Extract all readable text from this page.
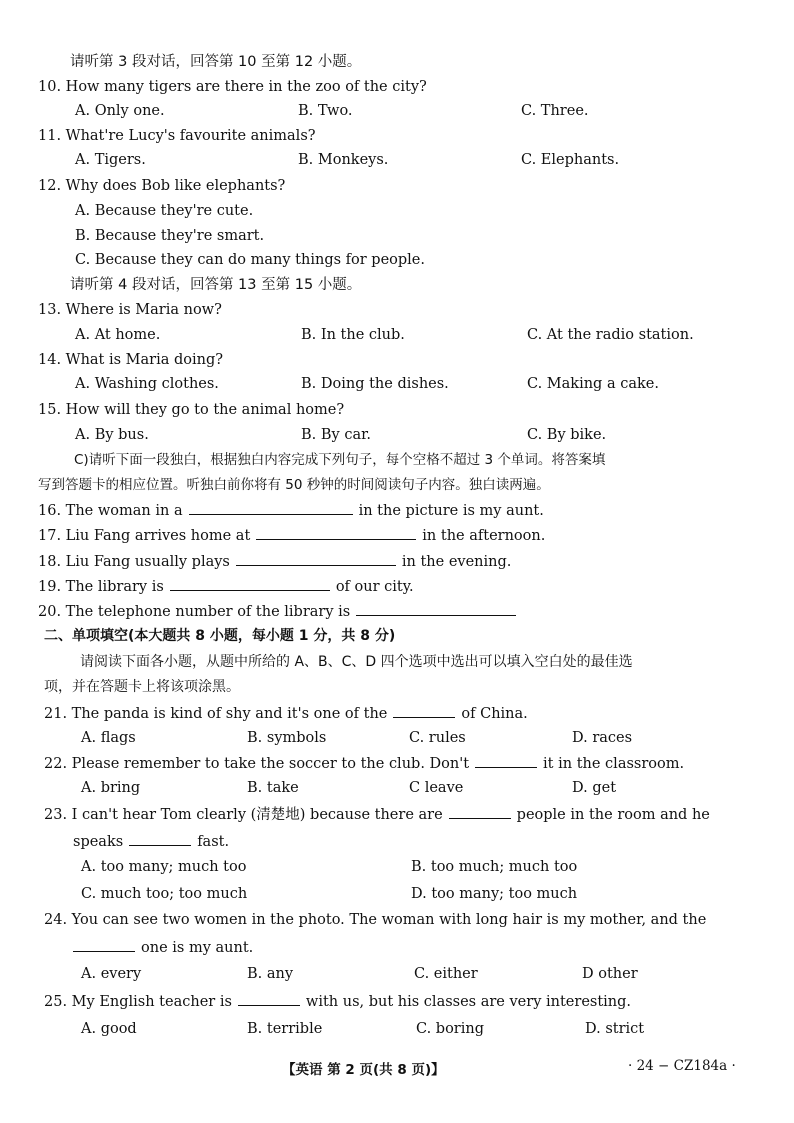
请听第 3 段对话，回答第 10 至第 12 小题。
10. How many tigers are there in the zoo of the city?
A. Only one.	B. Two.	C. Three.
11. What're Lucy's favourite animals?
A. Tigers.	B. Monkeys.	C. Elephants.
12. Why does Bob like elephants?
A. Because they're cute.
B. Because they're smart.
C. Because they can do many things for people.
请听第 4 段对话，回答第 13 至第 15 小题。
13. Where is Maria now?
A. At home.	B. In the club.	C. At the radio station.
14. What is Maria doing?
A. Washing clothes.	B. Doing the dishes.	C. Making a cake.
15. How will they go to the animal home?
A. By bus.	B. By car.	C. By bike.
C)请听下面一段独白，根据独白内容完成下列句子，每个空格不超过 3 个单词。将答案填
写到答题卡的相应位置。听独白前你将有 50 秒钟的时间阅读句子内容。独白读两遍。
16. The woman in a	in the picture is my aunt.
17. Liu Fang arrives home at	in the afternoon.
18. Liu Fang usually plays	in the evening.
19. The library is	of our city.
20. The telephone number of the library is
二、单项填空(本大题共 8 小题，每小题 1 分，共 8 分)
请阅读下面各小题，从题中所给的 A、B、C、D 四个选项中选出可以填入空白处的最佳选
项，并在答题卡上将该项涂黑。
21. The panda is kind of shy and it's one of the	of China.
A. flags	B. symbols	C. rules	D. races
22. Please remember to take the soccer to the club. Don't	it in the classroom.
A. bring	B. take	C leave	D. get
23. I can't hear Tom clearly (清楚地) because there are	people in the room and he
speaks	fast.
A. too many; much too	B. too much; much too
C. much too; too much	D. too many; too much
24. You can see two women in the photo. The woman with long hair is my mother, and the
one is my aunt.
A. every	B. any	C. either	D other
25. My English teacher is	with us, but his classes are very interesting.
A. good	B. terrible	C. boring	D. strict
【英语 第 2 页(共 8 页)】	· 24 − CZ184a ·
